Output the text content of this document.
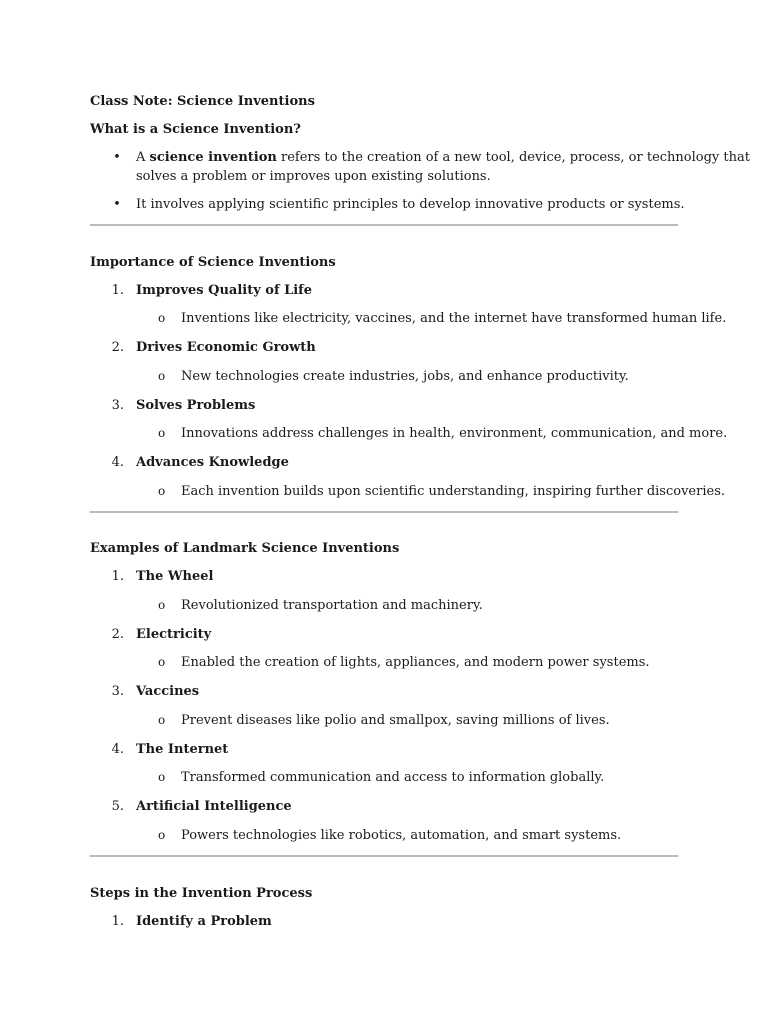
Class Note: Science Inventions
What is a Science Invention?
• A science invention refers to the creation of a new tool, device, process, or technology that
solves a problem or improves upon existing solutions.
• It involves applying scientific principles to develop innovative products or systems.
Importance of Science Inventions
1. Improves Quality of Life
o Inventions like electricity, vaccines, and the internet have transformed human life.
2. Drives Economic Growth
o New technologies create industries, jobs, and enhance productivity.
3. Solves Problems
o Innovations address challenges in health, environment, communication, and more.
4. Advances Knowledge
o Each invention builds upon scientific understanding, inspiring further discoveries.
Examples of Landmark Science Inventions
1. The Wheel
o Revolutionized transportation and machinery.
2. Electricity
o Enabled the creation of lights, appliances, and modern power systems.
3. Vaccines
o Prevent diseases like polio and smallpox, saving millions of lives.
4. The Internet
o Transformed communication and access to information globally.
5. Artificial Intelligence
o Powers technologies like robotics, automation, and smart systems.
Steps in the Invention Process
1. Identify a Problem
